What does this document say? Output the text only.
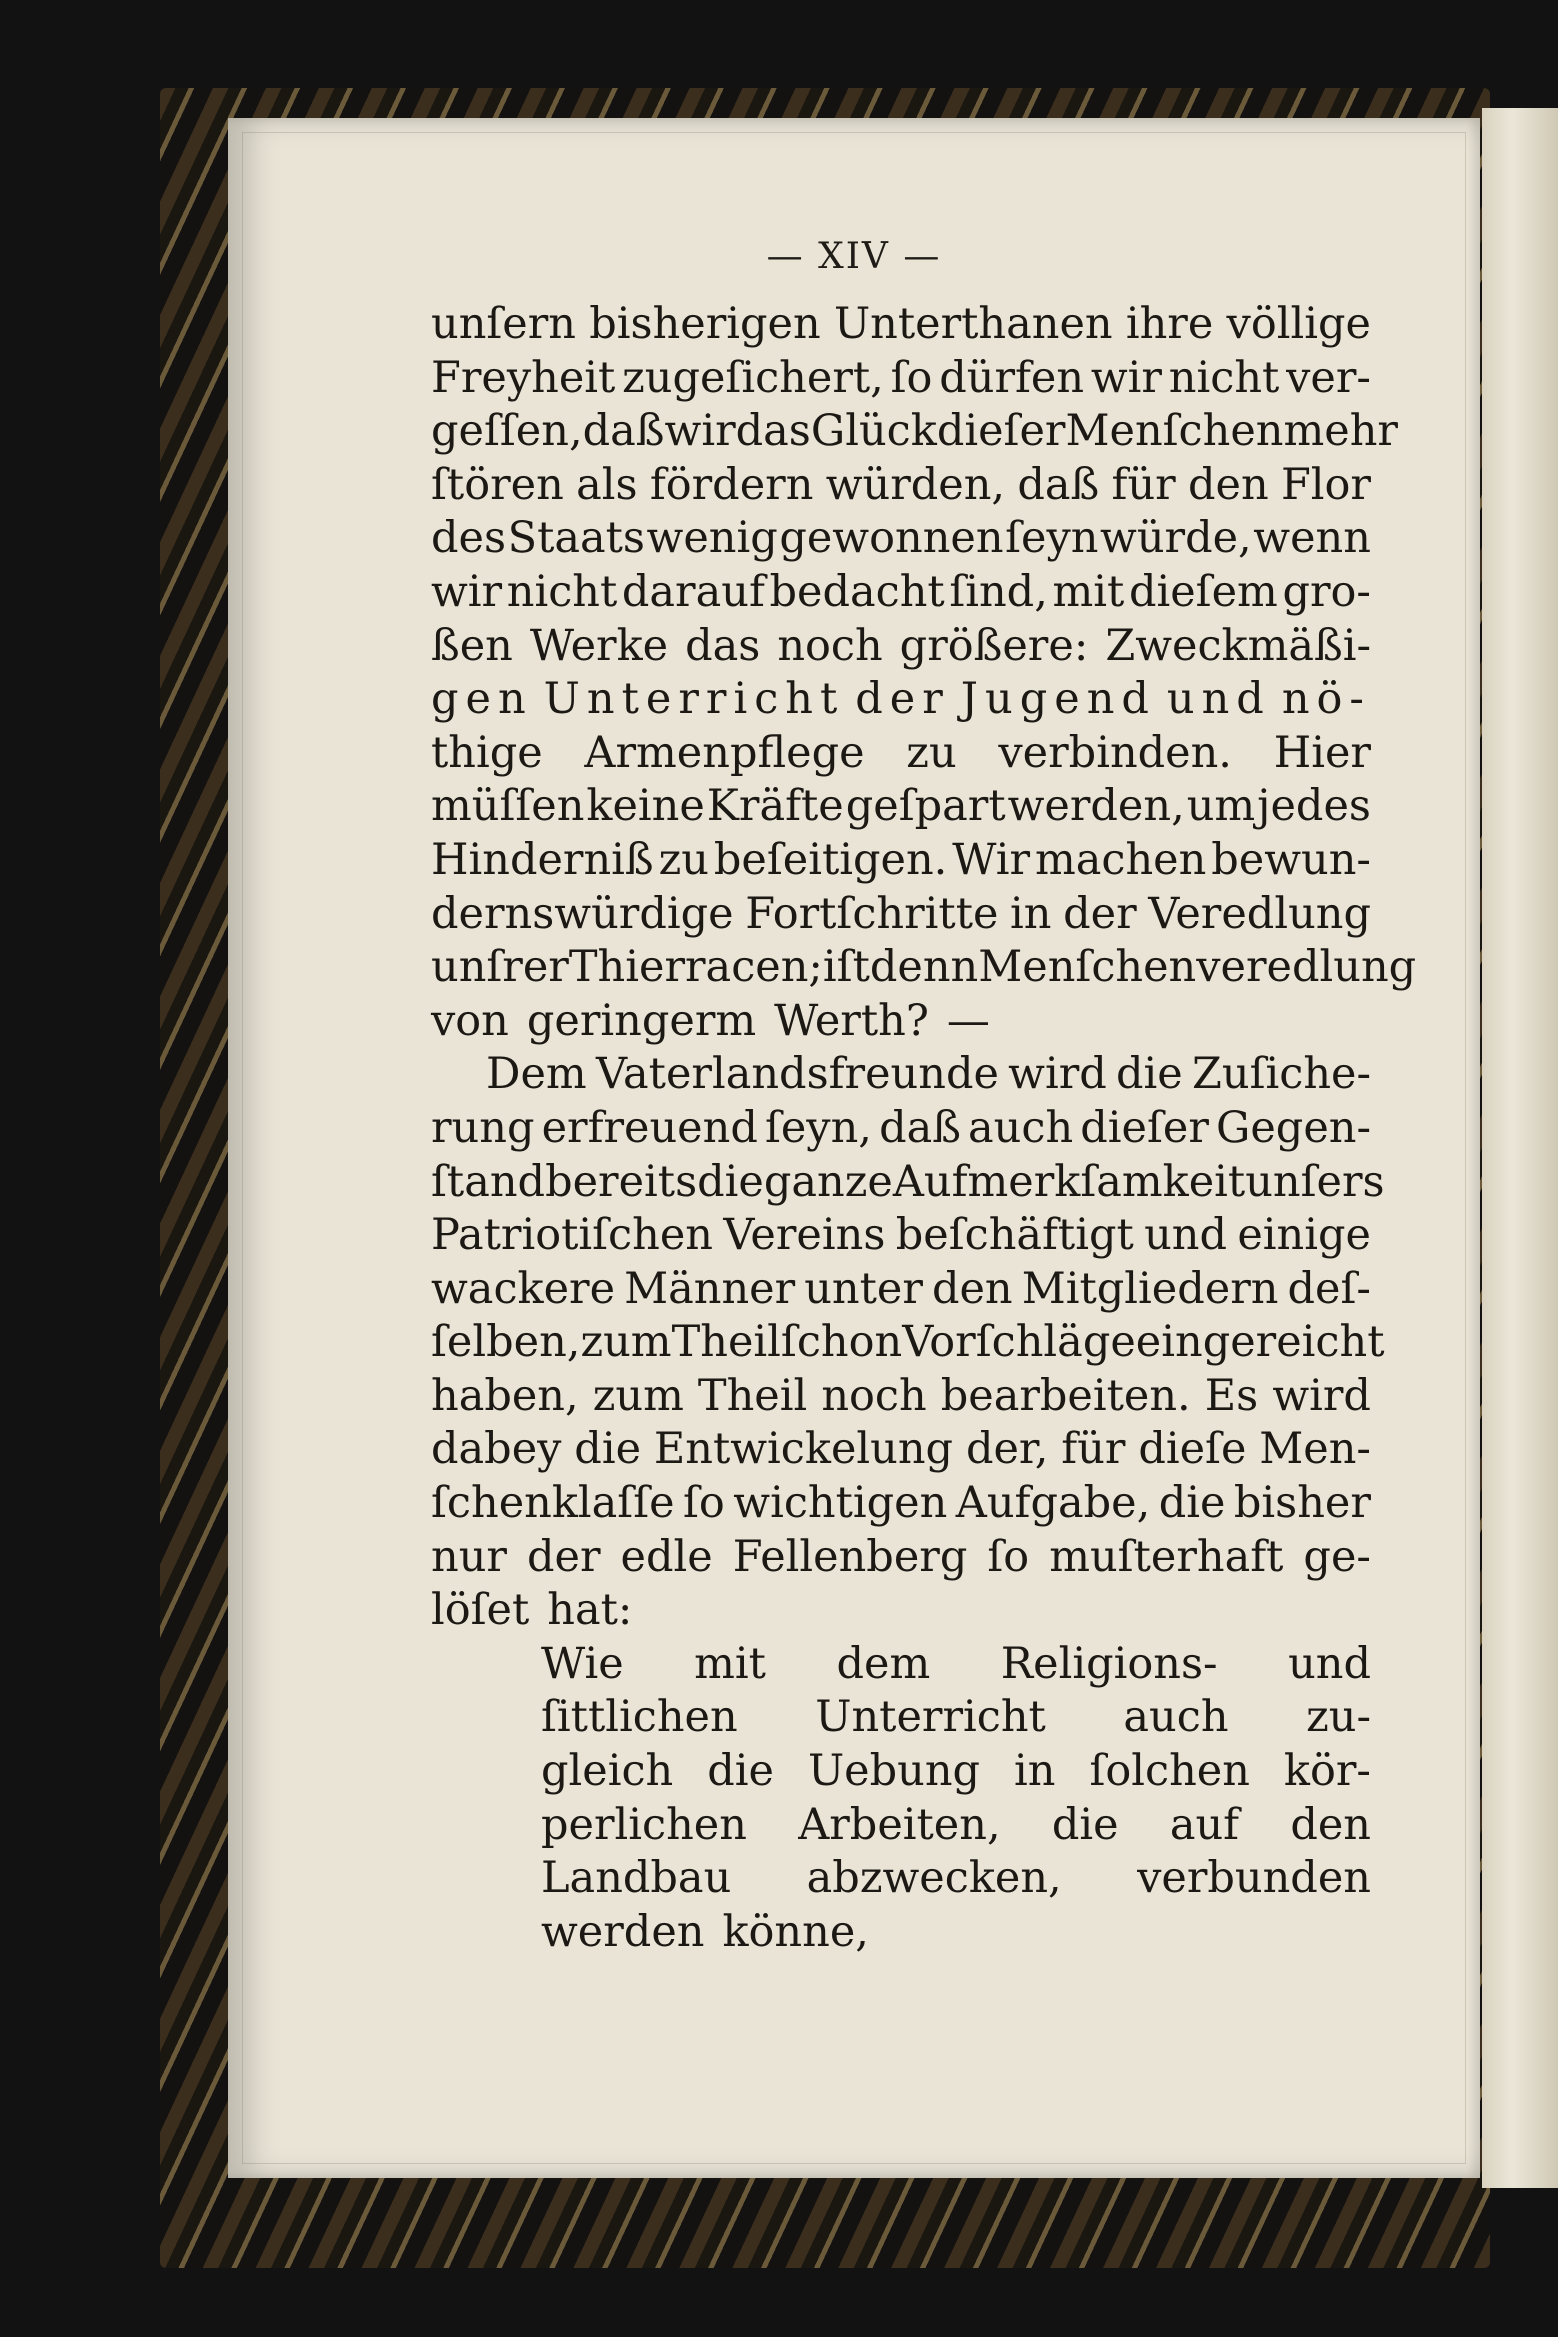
— XIV —
unſern bisherigen Unterthanen ihre völlige
Freyheit zugeſichert, ſo dürfen wir nicht ver-
geſſen, daß wir das Glück dieſer Menſchen mehr
ſtören als fördern würden, daß für den Flor
des Staats wenig gewonnen ſeyn würde, wenn
wir nicht darauf bedacht ſind, mit dieſem gro-
ßen Werke das noch größere: Zweckmäßi-
gen Unterricht der Jugend und nö-
thige Armenpflege zu verbinden. Hier
müſſen keine Kräfte geſpart werden, um jedes
Hinderniß zu beſeitigen. Wir machen bewun-
dernswürdige Fortſchritte in der Veredlung
unſrer Thierracen; iſt denn Menſchenveredlung
von geringerm Werth? —
Dem Vaterlandsfreunde wird die Zuſiche-
rung erfreuend ſeyn, daß auch dieſer Gegen-
ſtand bereits die ganze Aufmerkſamkeit unſers
Patriotiſchen Vereins beſchäftigt und einige
wackere Männer unter den Mitgliedern deſ-
ſelben, zum Theil ſchon Vorſchläge eingereicht
haben, zum Theil noch bearbeiten. Es wird
dabey die Entwickelung der, für dieſe Men-
ſchenklaſſe ſo wichtigen Aufgabe, die bisher
nur der edle Fellenberg ſo muſterhaft ge-
löſet hat:
Wie mit dem Religions- und
ſittlichen Unterricht auch zu-
gleich die Uebung in ſolchen kör-
perlichen Arbeiten, die auf den
Landbau abzwecken, verbunden
werden könne,
